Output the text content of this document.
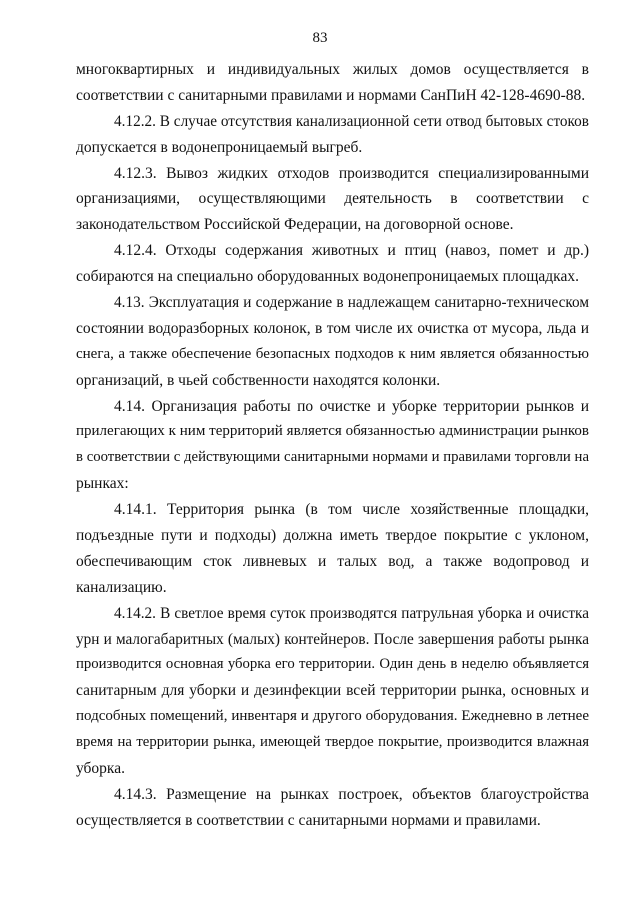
83
многоквартирных и индивидуальных жилых домов осуществляется в
соответствии с санитарными правилами и нормами СанПиН 42-128-4690-88.
4.12.2. В случае отсутствия канализационной сети отвод бытовых стоков
допускается в водонепроницаемый выгреб.
4.12.3. Вывоз жидких отходов производится специализированными
организациями, осуществляющими деятельность в соответствии с
законодательством Российской Федерации, на договорной основе.
4.12.4. Отходы содержания животных и птиц (навоз, помет и др.)
собираются на специально оборудованных водонепроницаемых площадках.
4.13. Эксплуатация и содержание в надлежащем санитарно-техническом
состоянии водоразборных колонок, в том числе их очистка от мусора, льда и
снега, а также обеспечение безопасных подходов к ним является обязанностью
организаций, в чьей собственности находятся колонки.
4.14. Организация работы по очистке и уборке территории рынков и
прилегающих к ним территорий является обязанностью администрации рынков
в соответствии с действующими санитарными нормами и правилами торговли на
рынках:
4.14.1. Территория рынка (в том числе хозяйственные площадки,
подъездные пути и подходы) должна иметь твердое покрытие с уклоном,
обеспечивающим сток ливневых и талых вод, а также водопровод и
канализацию.
4.14.2. В светлое время суток производятся патрульная уборка и очистка
урн и малогабаритных (малых) контейнеров. После завершения работы рынка
производится основная уборка его территории. Один день в неделю объявляется
санитарным для уборки и дезинфекции всей территории рынка, основных и
подсобных помещений, инвентаря и другого оборудования. Ежедневно в летнее
время на территории рынка, имеющей твердое покрытие, производится влажная
уборка.
4.14.3. Размещение на рынках построек, объектов благоустройства
осуществляется в соответствии с санитарными нормами и правилами.
